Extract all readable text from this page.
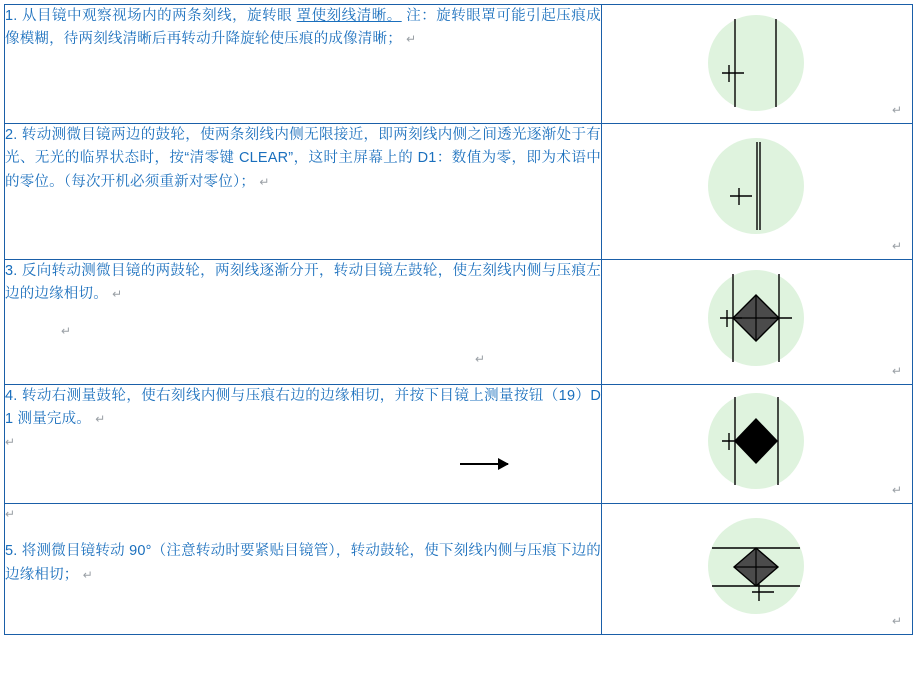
1. 从目镜中观察视场内的两条刻线，旋转眼 罩使刻线清晰。 注：旋转眼罩可能引起压痕成像模糊，待两刻线清晰后再转动升降旋轮使压痕的成像清晰； ↵	↵

2. 转动测微目镜两边的鼓轮，使两条刻线内侧无限接近，即两刻线内侧之间透光逐渐处于有光、无光的临界状态时，按“清零键 CLEAR”，这时主屏幕上的 D1：数值为零，即为术语中的零位。（每次开机必须重新对零位）； ↵	↵

3. 反向转动测微目镜的两鼓轮，两刻线逐渐分开，转动目镜左鼓轮，使左刻线内侧与压痕左边的边缘相切。 ↵
↵
↵	↵

4. 转动右测量鼓轮，使右刻线内侧与压痕右边的边缘相切，并按下目镜上测量按钮（19）D1 测量完成。 ↵
↵	↵

↵
5. 将测微目镜转动 90°（注意转动时要紧贴目镜管），转动鼓轮，使下刻线内侧与压痕下边的边缘相切； ↵	↵
